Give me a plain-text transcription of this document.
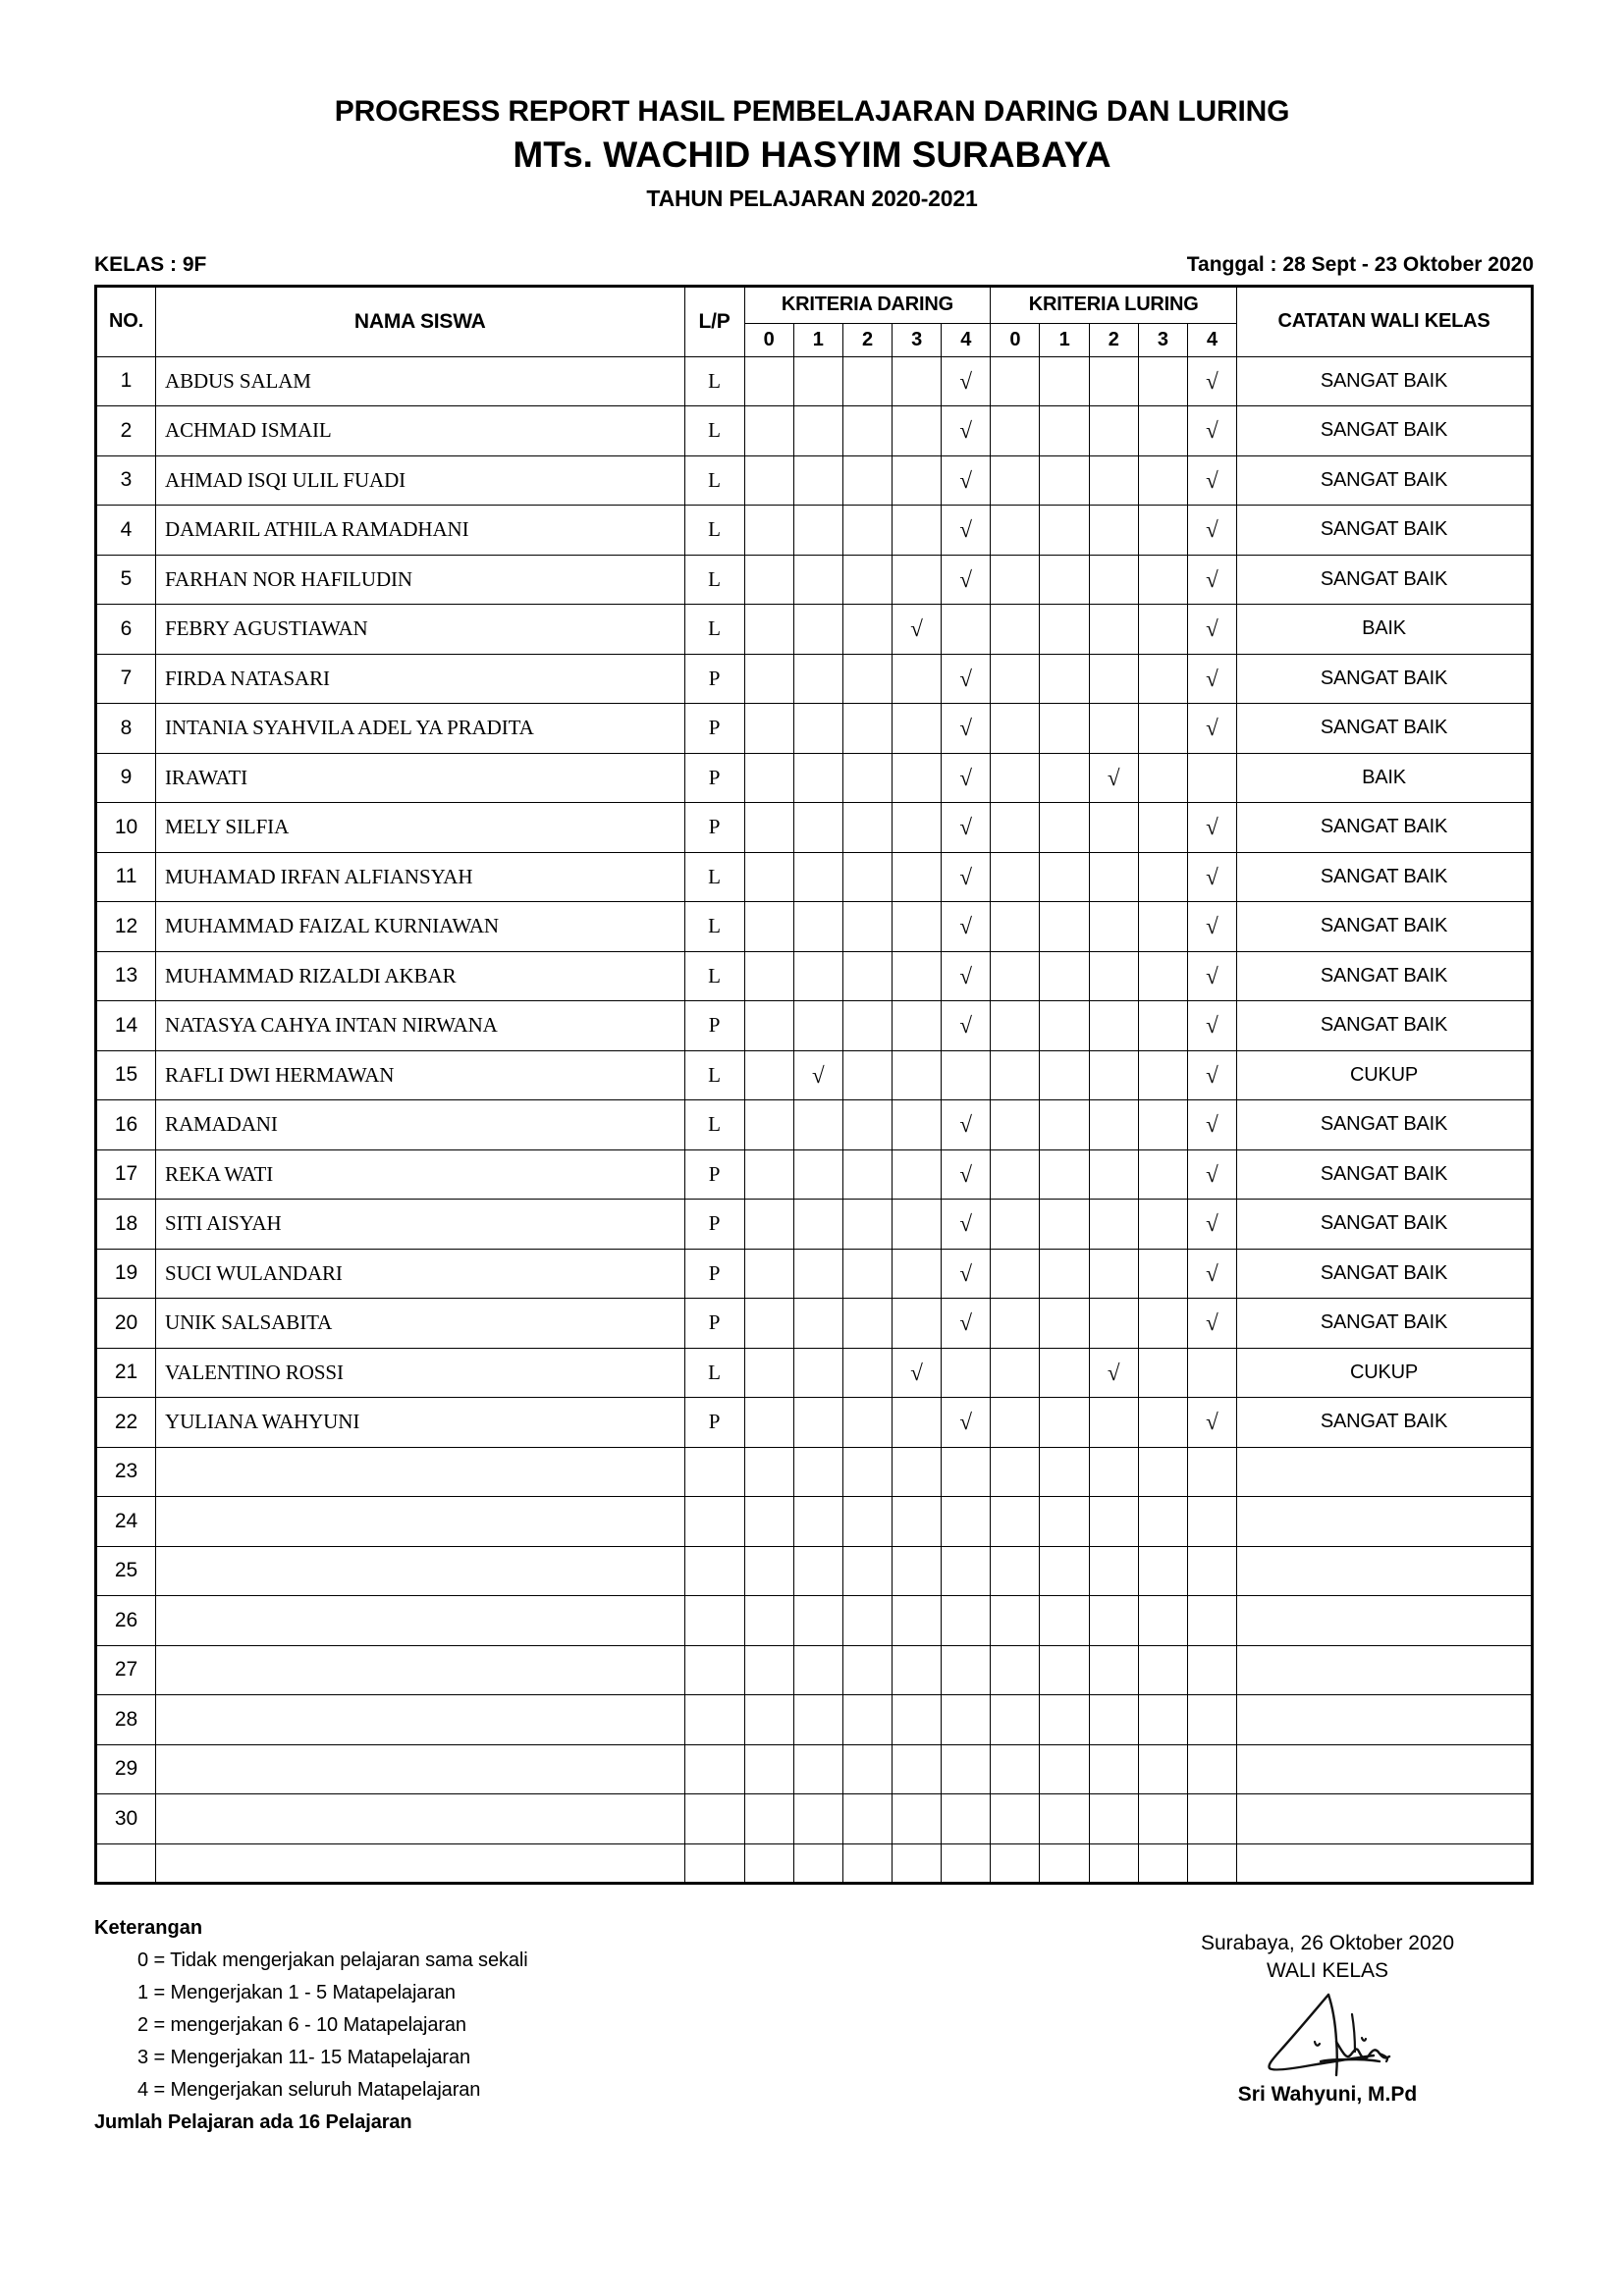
PROGRESS REPORT HASIL PEMBELAJARAN DARING DAN LURING
MTs. WACHID HASYIM SURABAYA
TAHUN PELAJARAN 2020-2021
KELAS : 9F	Tanggal : 28 Sept - 23 Oktober 2020
NO.	NAMA SISWA	L/P	KRITERIA DARING					KRITERIA LURING					CATATAN WALI KELAS
			0	1	2	3	4	0	1	2	3	4	
1	ABDUS SALAM	L					√					√	SANGAT BAIK
2	ACHMAD ISMAIL	L					√					√	SANGAT BAIK
3	AHMAD ISQI ULIL FUADI	L					√					√	SANGAT BAIK
4	DAMARIL ATHILA RAMADHANI	L					√					√	SANGAT BAIK
5	FARHAN NOR HAFILUDIN	L					√					√	SANGAT BAIK
6	FEBRY AGUSTIAWAN	L				√						√	BAIK
7	FIRDA NATASARI	P					√					√	SANGAT BAIK
8	INTANIA SYAHVILA ADEL YA PRADITA	P					√					√	SANGAT BAIK
9	IRAWATI	P					√			√			BAIK
10	MELY SILFIA	P					√					√	SANGAT BAIK
11	MUHAMAD IRFAN ALFIANSYAH	L					√					√	SANGAT BAIK
12	MUHAMMAD FAIZAL KURNIAWAN	L					√					√	SANGAT BAIK
13	MUHAMMAD RIZALDI AKBAR	L					√					√	SANGAT BAIK
14	NATASYA CAHYA INTAN NIRWANA	P					√					√	SANGAT BAIK
15	RAFLI DWI HERMAWAN	L		√								√	CUKUP
16	RAMADANI	L					√					√	SANGAT BAIK
17	REKA WATI	P					√					√	SANGAT BAIK
18	SITI AISYAH	P					√					√	SANGAT BAIK
19	SUCI WULANDARI	P					√					√	SANGAT BAIK
20	UNIK SALSABITA	P					√					√	SANGAT BAIK
21	VALENTINO ROSSI	L				√				√			CUKUP
22	YULIANA WAHYUNI	P					√					√	SANGAT BAIK
23													
24													
25													
26													
27													
28													
29													
30													

Keterangan
0 = Tidak mengerjakan pelajaran sama sekali
1 = Mengerjakan 1 - 5 Matapelajaran
2 = mengerjakan 6 - 10 Matapelajaran
3 = Mengerjakan 11- 15 Matapelajaran
4 = Mengerjakan seluruh Matapelajaran
Jumlah Pelajaran ada 16 Pelajaran
Surabaya, 26 Oktober 2020
WALI KELAS
Sri Wahyuni, M.Pd
